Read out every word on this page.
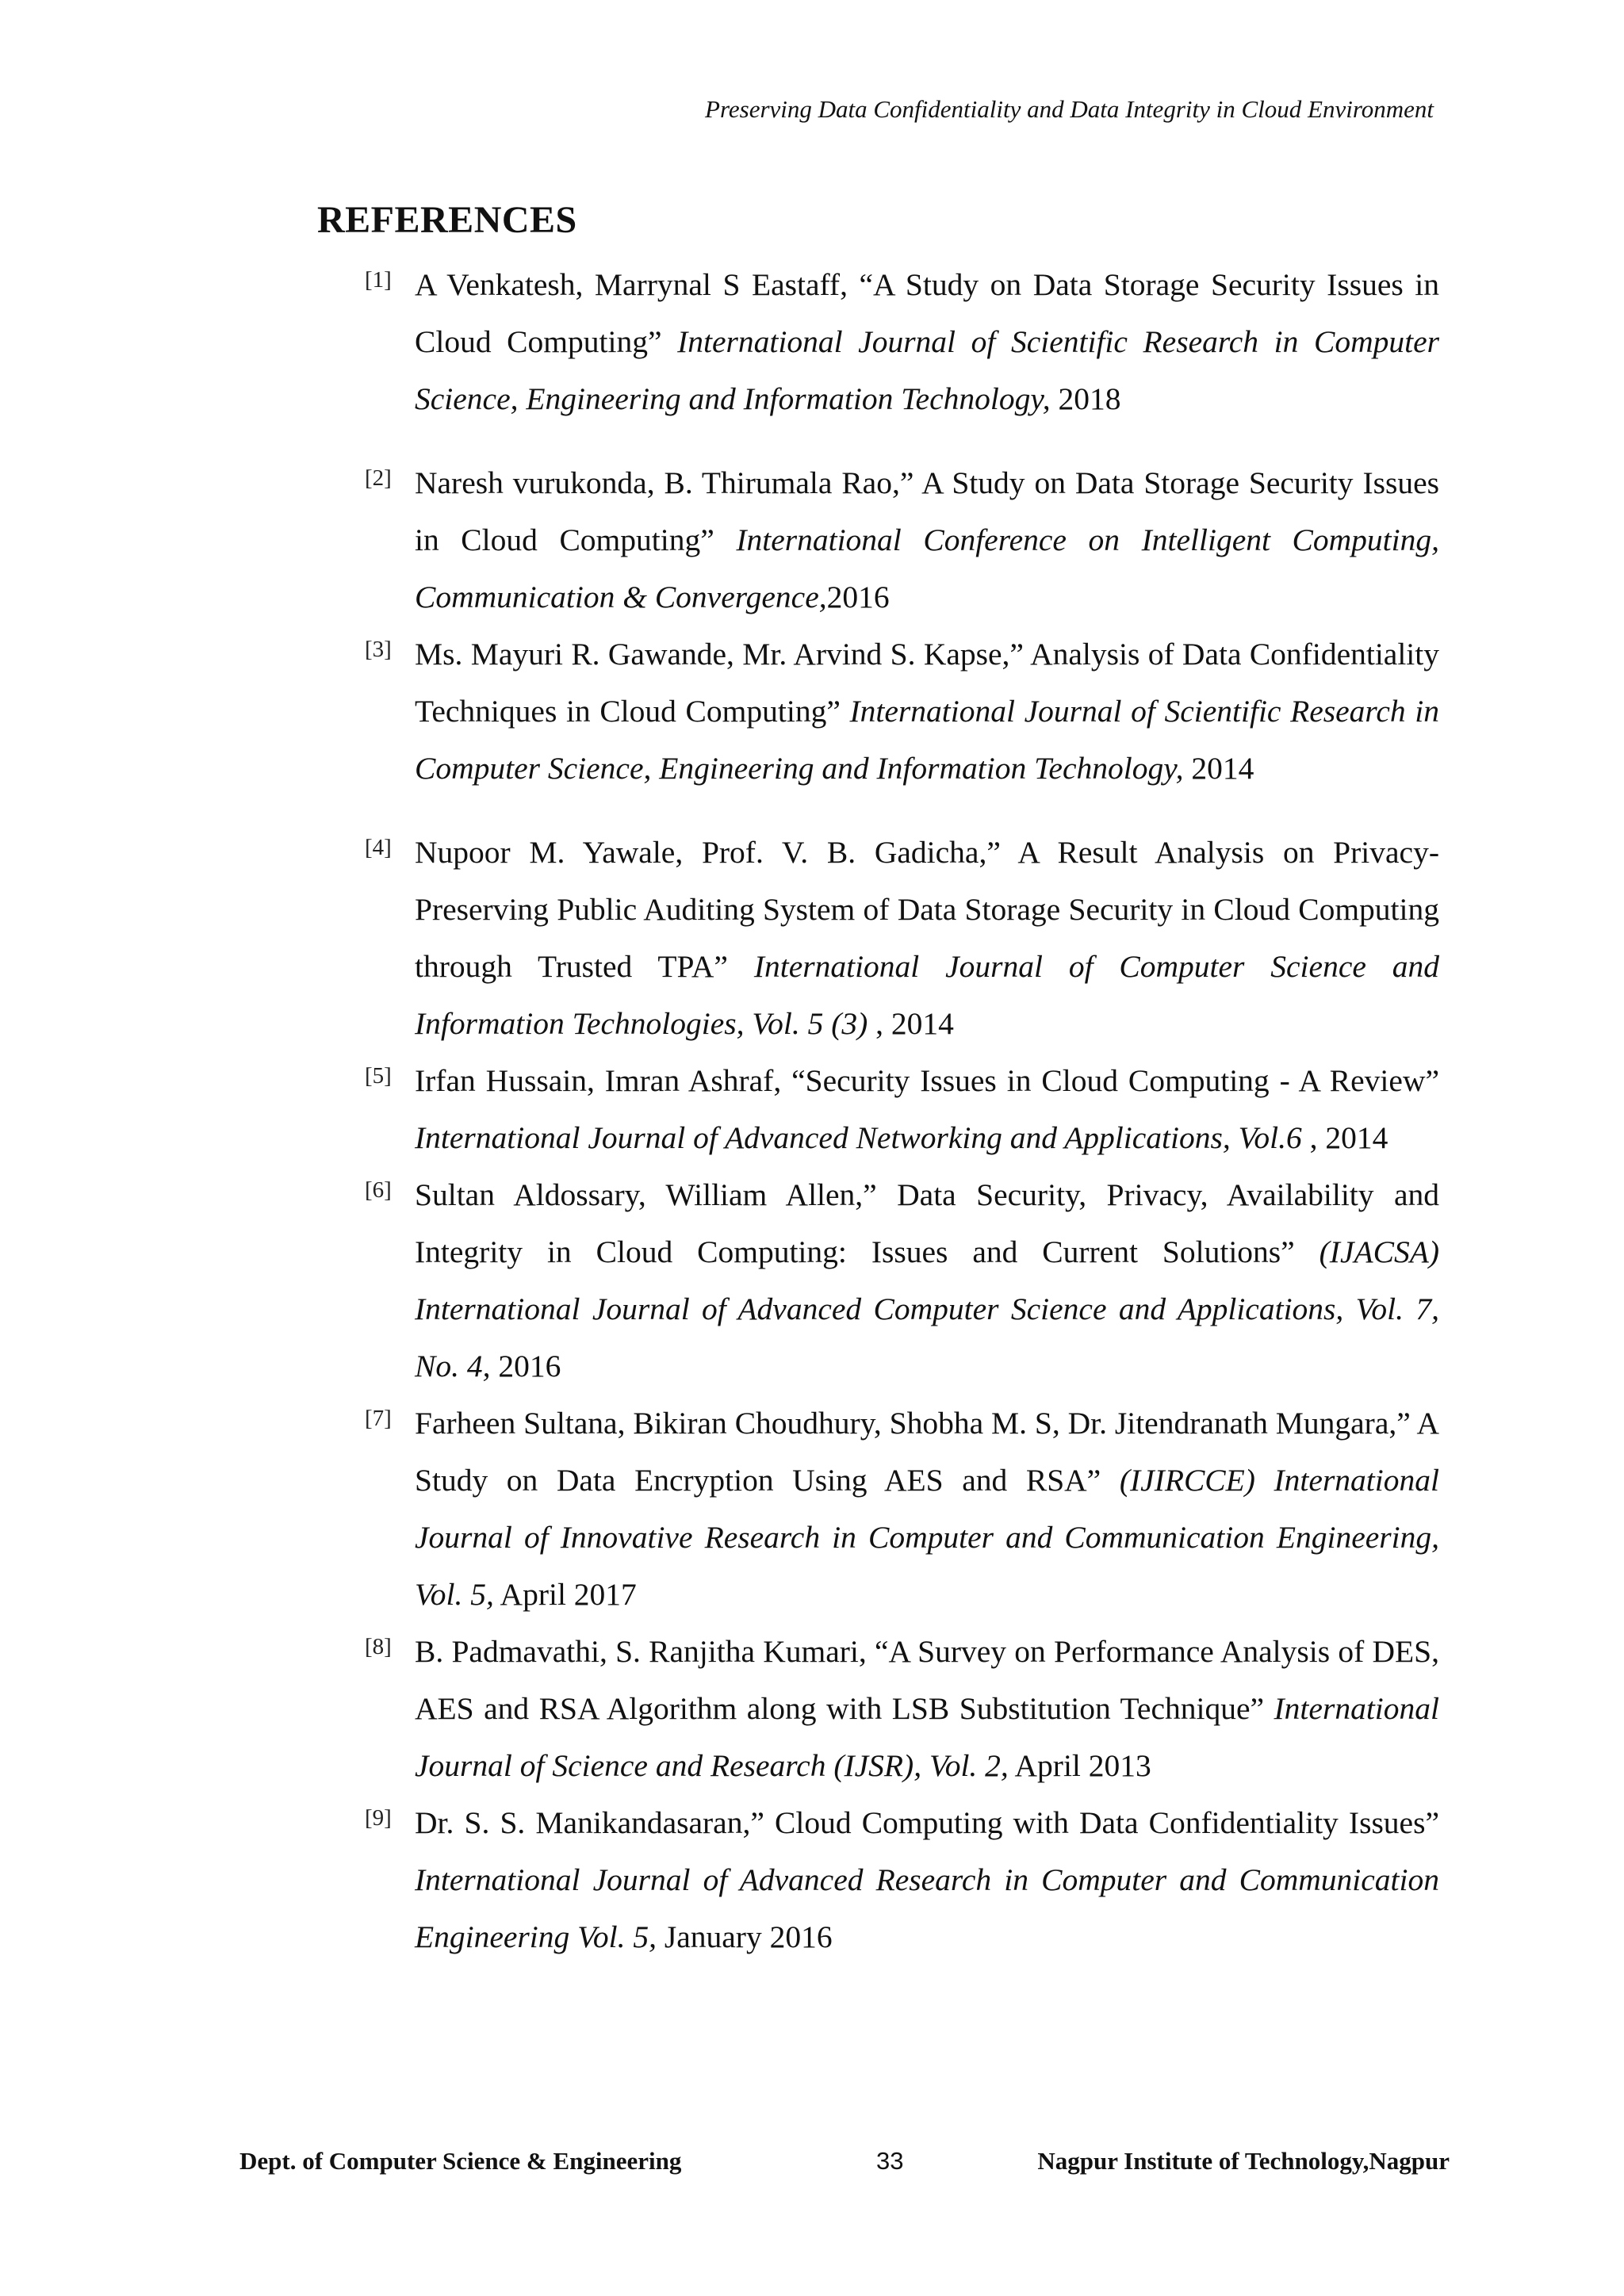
Preserving Data Confidentiality and Data Integrity in Cloud Environment
REFERENCES
[1] A Venkatesh, Marrynal S Eastaff, “A Study on Data Storage Security Issues in Cloud Computing” International Journal of Scientific Research in Computer Science, Engineering and Information Technology, 2018
[2] Naresh vurukonda, B. Thirumala Rao,” A Study on Data Storage Security Issues in Cloud Computing” International Conference on Intelligent Computing, Communication & Convergence,2016
[3] Ms. Mayuri R. Gawande, Mr. Arvind S. Kapse,” Analysis of Data Confidentiality Techniques in Cloud Computing” International Journal of Scientific Research in Computer Science, Engineering and Information Technology, 2014
[4] Nupoor M. Yawale, Prof. V. B. Gadicha,” A Result Analysis on Privacy-Preserving Public Auditing System of Data Storage Security in Cloud Computing through Trusted TPA” International Journal of Computer Science and Information Technologies, Vol. 5 (3) , 2014
[5] Irfan Hussain, Imran Ashraf, “Security Issues in Cloud Computing - A Review” International Journal of Advanced Networking and Applications, Vol.6 , 2014
[6] Sultan Aldossary, William Allen,” Data Security, Privacy, Availability and Integrity in Cloud Computing: Issues and Current Solutions” (IJACSA) International Journal of Advanced Computer Science and Applications, Vol. 7, No. 4, 2016
[7] Farheen Sultana, Bikiran Choudhury, Shobha M. S, Dr. Jitendranath Mungara,” A Study on Data Encryption Using AES and RSA” (IJIRCCE) International Journal of Innovative Research in Computer and Communication Engineering, Vol. 5, April 2017
[8] B. Padmavathi, S. Ranjitha Kumari, “A Survey on Performance Analysis of DES, AES and RSA Algorithm along with LSB Substitution Technique” International Journal of Science and Research (IJSR), Vol. 2, April 2013
[9] Dr. S. S. Manikandasaran,” Cloud Computing with Data Confidentiality Issues” International Journal of Advanced Research in Computer and Communication Engineering Vol. 5, January 2016
Dept. of Computer Science & Engineering	33	Nagpur Institute of Technology,Nagpur
